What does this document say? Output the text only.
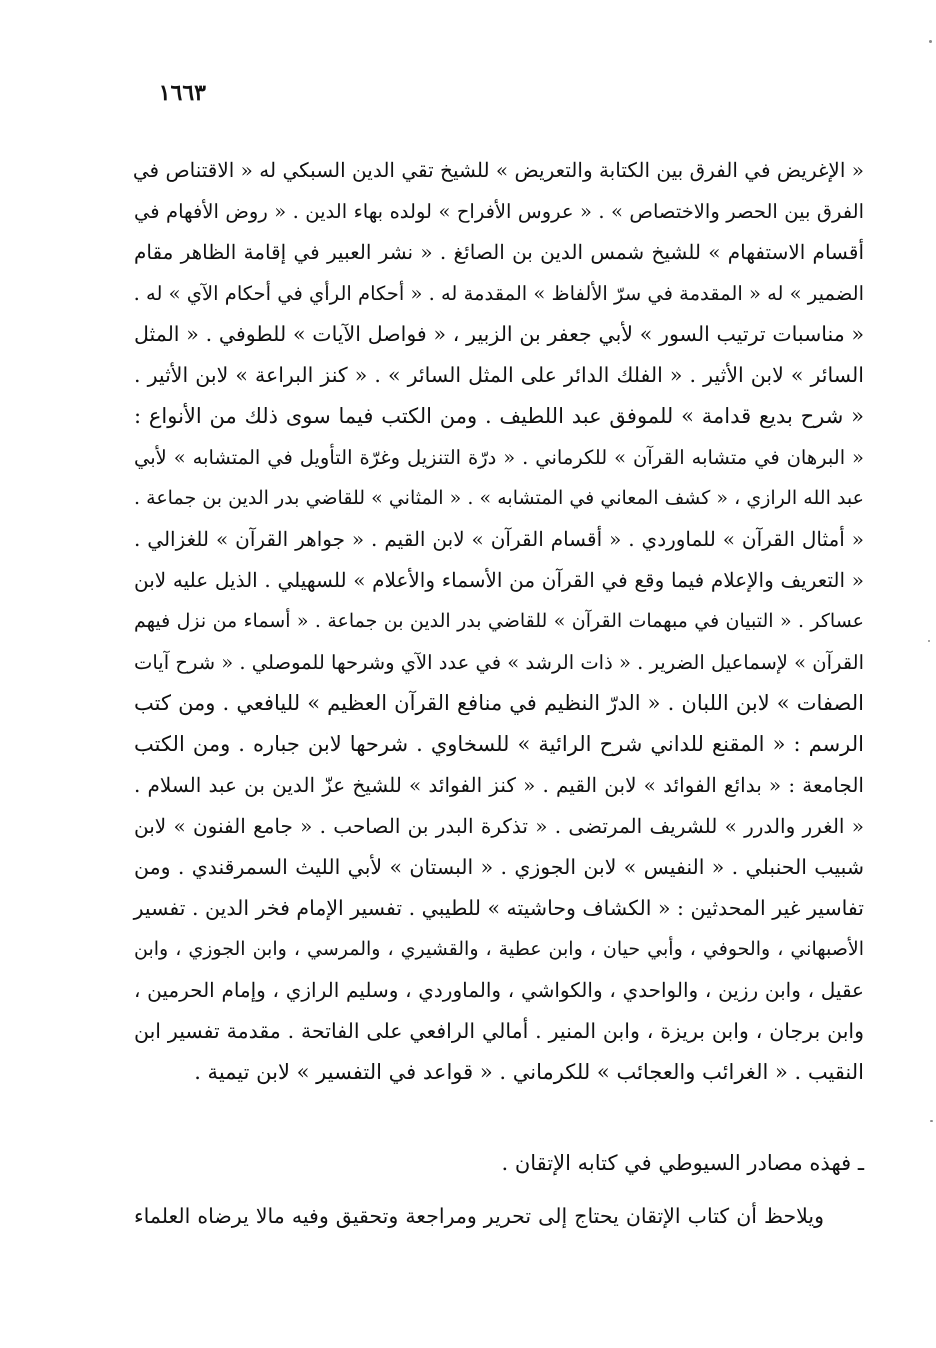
١٦٦٣
« الإغريض في الفرق بين الكتابة والتعريض » للشيخ تقي الدين السبكي له « الاقتناص في
الفرق بين الحصر والاختصاص » . « عروس الأفراح » لولده بهاء الدين . « روض الأفهام في
أقسام الاستفهام » للشيخ شمس الدين بن الصائغ . « نشر العبير في إقامة الظاهر مقام
الضمير » له « المقدمة في سرّ الألفاظ » المقدمة له . « أحكام الرأي في أحكام الآي » له .
« مناسبات ترتيب السور » لأبي جعفر بن الزبير ، « فواصل الآيات » للطوفي . « المثل
السائر » لابن الأثير . « الفلك الدائر على المثل السائر » . « كنز البراعة » لابن الأثير .
« شرح بديع قدامة » للموفق عبد اللطيف . ومن الكتب فيما سوى ذلك من الأنواع :
« البرهان في متشابه القرآن » للكرماني . « درّة التنزيل وغرّة التأويل في المتشابه » لأبي
عبد الله الرازي ، « كشف المعاني في المتشابه » . « المثاني » للقاضي بدر الدين بن جماعة .
« أمثال القرآن » للماوردي . « أقسام القرآن » لابن القيم . « جواهر القرآن » للغزالي .
« التعريف والإعلام فيما وقع في القرآن من الأسماء والأعلام » للسهيلي . الذيل عليه لابن
عساكر . « التبيان في مبهمات القرآن » للقاضي بدر الدين بن جماعة . « أسماء من نزل فيهم
القرآن » لإسماعيل الضرير . « ذات الرشد » في عدد الآي وشرحها للموصلي . « شرح آيات
الصفات » لابن اللبان . « الدرّ النظيم في منافع القرآن العظيم » لليافعي . ومن كتب
الرسم : « المقنع للداني شرح الرائية » للسخاوي . شرحها لابن جباره . ومن الكتب
الجامعة : « بدائع الفوائد » لابن القيم . « كنز الفوائد » للشيخ عزّ الدين بن عبد السلام .
« الغرر والدرر » للشريف المرتضى . « تذكرة البدر بن الصاحب . « جامع الفنون » لابن
شبيب الحنبلي . « النفيس » لابن الجوزي . « البستان » لأبي الليث السمرقندي . ومن
تفاسير غير المحدثين : « الكشاف وحاشيته » للطيبي . تفسير الإمام فخر الدين . تفسير
الأصبهاني ، والحوفي ، وأبي حيان ، وابن عطية ، والقشيري ، والمرسي ، وابن الجوزي ، وابن
عقيل ، وابن رزين ، والواحدي ، والكواشي ، والماوردي ، وسليم الرازي ، وإمام الحرمين ،
وابن برجان ، وابن بريزة ، وابن المنير . أمالي الرافعي على الفاتحة . مقدمة تفسير ابن
النقيب . « الغرائب والعجائب » للكرماني . « قواعد في التفسير » لابن تيمية .
ـ فهذه مصادر السيوطي في كتابه الإتقان .
ويلاحظ أن كتاب الإتقان يحتاج إلى تحرير ومراجعة وتحقيق وفيه مالا يرضاه العلماء
